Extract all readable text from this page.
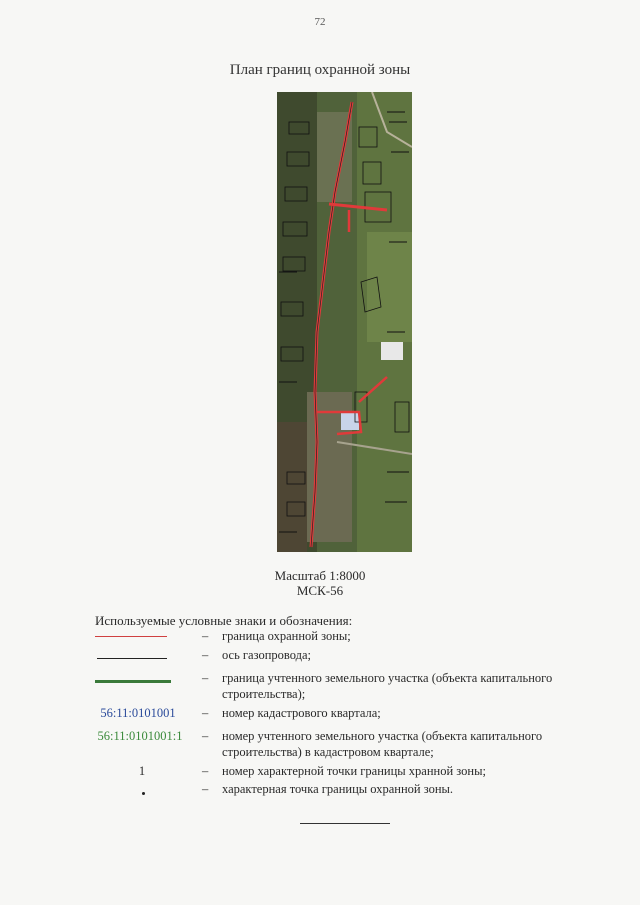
72
План границ охранной зоны
Масштаб 1:8000
МСК-56
Используемые условные знаки и обозначения:
– граница охранной зоны;
– ось газопровода;
– граница учтенного земельного участка (объекта капитального строительства);
56:11:0101001	– номер кадастрового квартала;
56:11:0101001:1	– номер учтенного земельного участка (объекта капитального строительства) в кадастровом квартале;
1	– номер характерной точки границы хранной зоны;
– характерная точка границы охранной зоны.
